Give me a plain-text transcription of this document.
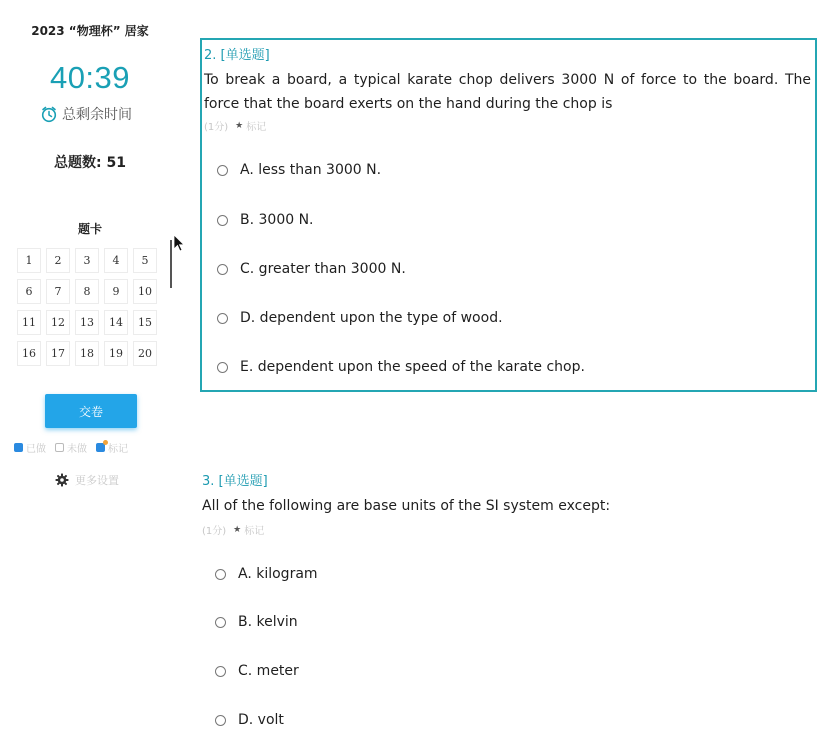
2023 “物理杯” 居家
40:39
总剩余时间
总题数: 51
题卡
1	2	3	4	5
6	7	8	9	10
11	12	13	14	15
16	17	18	19	20
交卷
已做 未做 标记
更多设置
2. [单选题]
To break a board, a typical karate chop delivers 3000 N of force to the board. The force that the board exerts on the hand during the chop is
(1分) ★ 标记
A. less than 3000 N.
B. 3000 N.
C. greater than 3000 N.
D. dependent upon the type of wood.
E. dependent upon the speed of the karate chop.
3. [单选题]
All of the following are base units of the SI system except:
(1分) ★ 标记
A. kilogram
B. kelvin
C. meter
D. volt
